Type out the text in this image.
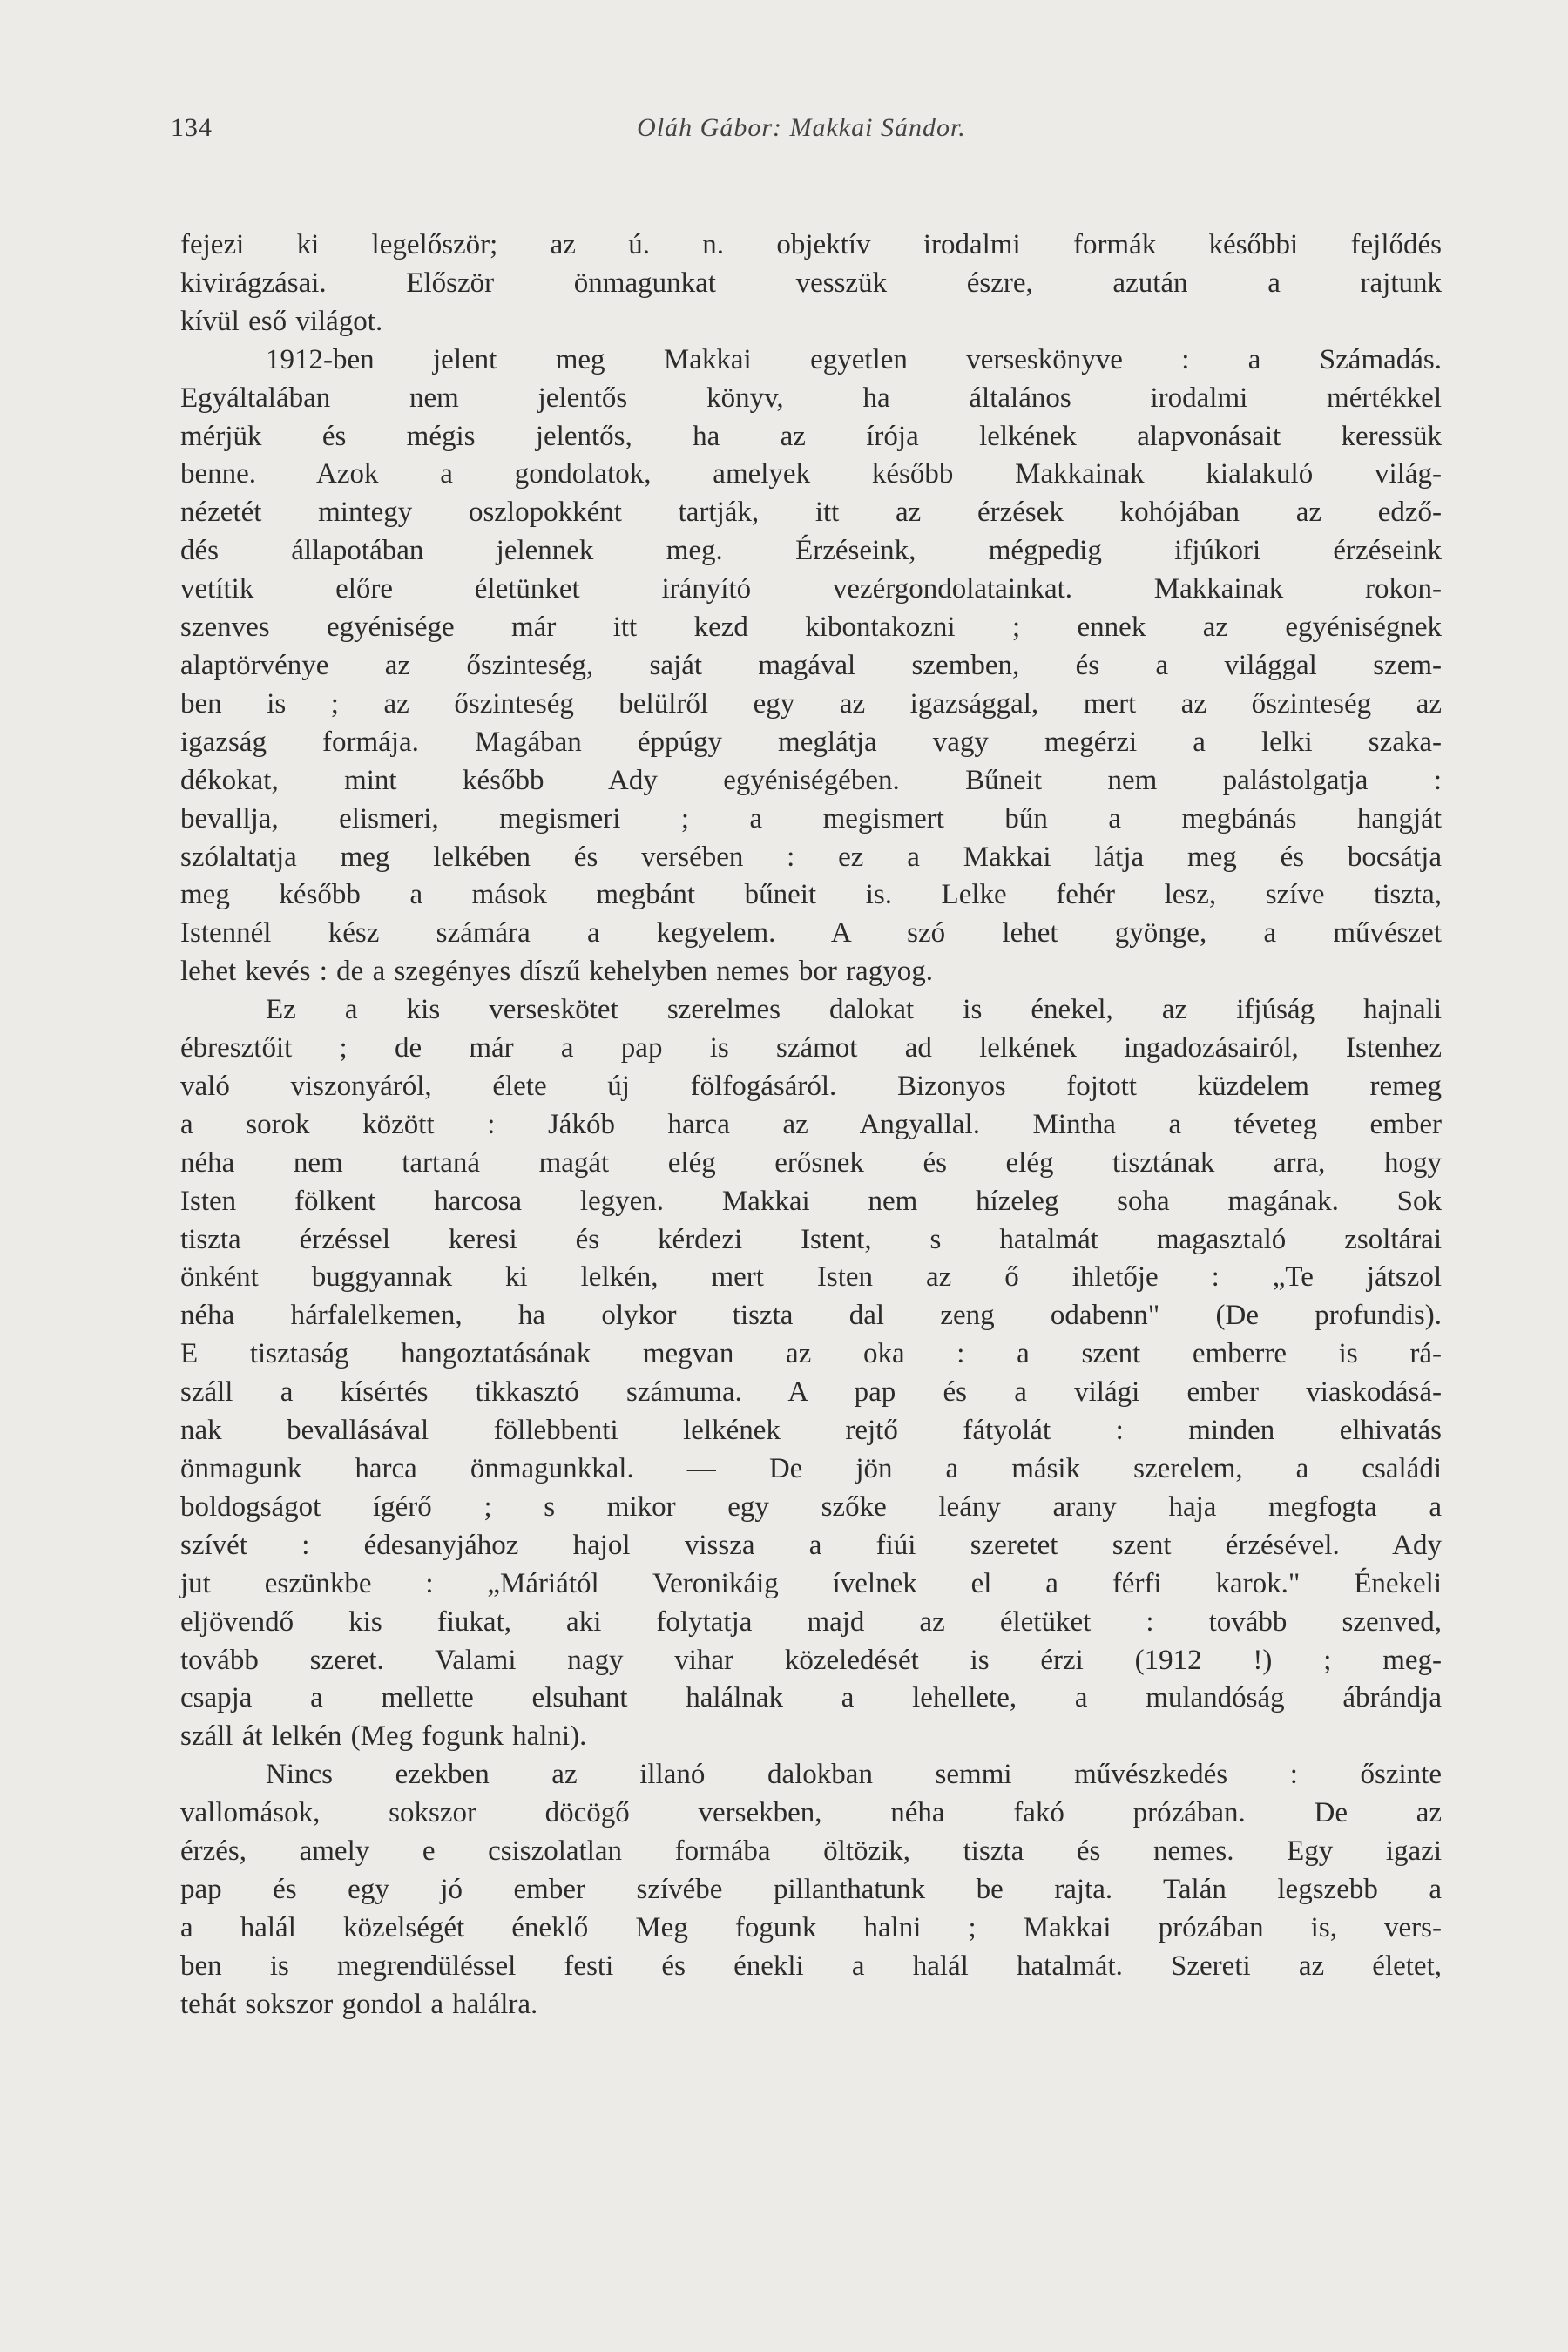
134	Oláh Gábor: Makkai Sándor.

fejezi ki legelőször; az ú. n. objektív irodalmi formák későbbi fejlődés

kivirágzásai. Először önmagunkat vesszük észre, azután a rajtunk

kívül eső világot.

1912-ben jelent meg Makkai egyetlen verseskönyve : a Számadás.

Egyáltalában nem jelentős könyv, ha általános irodalmi mértékkel

mérjük és mégis jelentős, ha az írója lelkének alapvonásait keressük

benne. Azok a gondolatok, amelyek később Makkainak kialakuló világ-

nézetét mintegy oszlopokként tartják, itt az érzések kohójában az edző-

dés állapotában jelennek meg. Érzéseink, mégpedig ifjúkori érzéseink

vetítik előre életünket irányító vezérgondolatainkat. Makkainak rokon-

szenves egyénisége már itt kezd kibontakozni ; ennek az egyéniségnek

alaptörvénye az őszinteség, saját magával szemben, és a világgal szem-

ben is ; az őszinteség belülről egy az igazsággal, mert az őszinteség az

igazság formája. Magában éppúgy meglátja vagy megérzi a lelki szaka-

dékokat, mint később Ady egyéniségében. Bűneit nem palástolgatja :

bevallja, elismeri, megismeri ; a megismert bűn a megbánás hangját

szólaltatja meg lelkében és versében : ez a Makkai látja meg és bocsátja

meg később a mások megbánt bűneit is. Lelke fehér lesz, szíve tiszta,

Istennél kész számára a kegyelem. A szó lehet gyönge, a művészet

lehet kevés : de a szegényes díszű kehelyben nemes bor ragyog.

Ez a kis verseskötet szerelmes dalokat is énekel, az ifjúság hajnali

ébresztőit ; de már a pap is számot ad lelkének ingadozásairól, Istenhez

való viszonyáról, élete új fölfogásáról. Bizonyos fojtott küzdelem remeg

a sorok között : Jákób harca az Angyallal. Mintha a téveteg ember

néha nem tartaná magát elég erősnek és elég tisztának arra, hogy

Isten fölkent harcosa legyen. Makkai nem hízeleg soha magának. Sok

tiszta érzéssel keresi és kérdezi Istent, s hatalmát magasztaló zsoltárai

önként buggyannak ki lelkén, mert Isten az ő ihletője : „Te játszol

néha hárfalelkemen, ha olykor tiszta dal zeng odabenn" (De profundis).

E tisztaság hangoztatásának megvan az oka : a szent emberre is rá-

száll a kísértés tikkasztó számuma. A pap és a világi ember viaskodásá-

nak bevallásával föllebbenti lelkének rejtő fátyolát : minden elhivatás

önmagunk harca önmagunkkal. — De jön a másik szerelem, a családi

boldogságot ígérő ; s mikor egy szőke leány arany haja megfogta a

szívét : édesanyjához hajol vissza a fiúi szeretet szent érzésével. Ady

jut eszünkbe : „Máriától Veronikáig ívelnek el a férfi karok." Énekeli

eljövendő kis fiukat, aki folytatja majd az életüket : tovább szenved,

tovább szeret. Valami nagy vihar közeledését is érzi (1912 !) ; meg-

csapja a mellette elsuhant halálnak a lehellete, a mulandóság ábrándja

száll át lelkén (Meg fogunk halni).

Nincs ezekben az illanó dalokban semmi művészkedés : őszinte

vallomások, sokszor döcögő versekben, néha fakó prózában. De az

érzés, amely e csiszolatlan formába öltözik, tiszta és nemes. Egy igazi

pap és egy jó ember szívébe pillanthatunk be rajta. Talán legszebb a

a halál közelségét éneklő Meg fogunk halni ; Makkai prózában is, vers-

ben is megrendüléssel festi és énekli a halál hatalmát. Szereti az életet,

tehát sokszor gondol a halálra.
